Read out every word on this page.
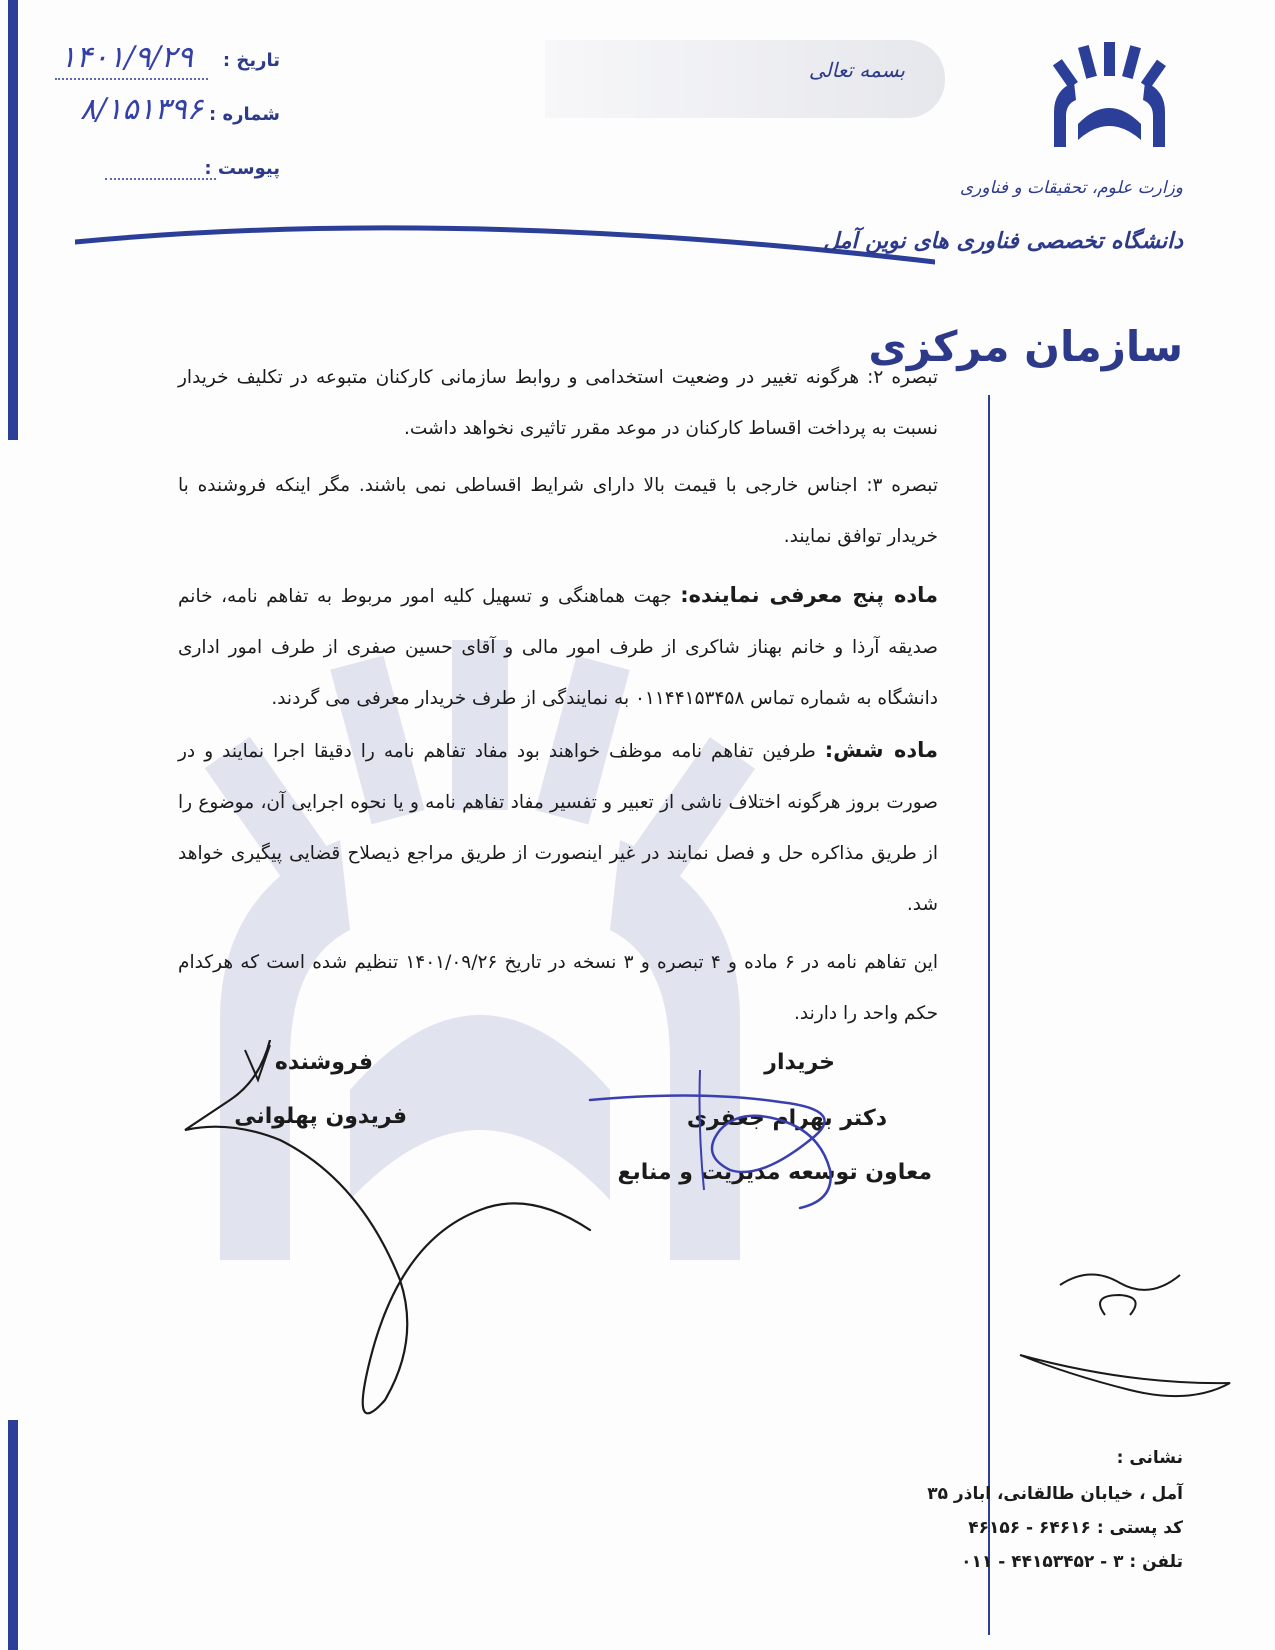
بسمه تعالی
تاریخ :
۱۴۰۱/۹/۲۹
شماره :
۸/۱۵۱۳۹۶
پیوست :
وزارت علوم، تحقیقات و فناوری
دانشگاه تخصصی فناوری های نوین آمل
سازمان مرکزی

تبصره ۲: هرگونه تغییر در وضعیت استخدامی و روابط سازمانی کارکنان متبوعه در تکلیف خریدار نسبت به پرداخت اقساط کارکنان در موعد مقرر تاثیری نخواهد داشت.

تبصره ۳: اجناس خارجی با قیمت بالا دارای شرایط اقساطی نمی باشند. مگر اینکه فروشنده با خریدار توافق نمایند.

ماده پنج معرفی نماینده: جهت هماهنگی و تسهیل کلیه امور مربوط به تفاهم نامه، خانم صدیقه آرذا و خانم بهناز شاکری از طرف امور مالی و آقای حسین صفری از طرف امور اداری دانشگاه به شماره تماس ۰۱۱۴۴۱۵۳۴۵۸ به نمایندگی از طرف خریدار معرفی می گردند.

ماده شش: طرفین تفاهم نامه موظف خواهند بود مفاد تفاهم نامه را دقیقا اجرا نمایند و در صورت بروز هرگونه اختلاف ناشی از تعبیر و تفسیر مفاد تفاهم نامه و یا نحوه اجرایی آن، موضوع را از طریق مذاکره حل و فصل نمایند در غیر اینصورت از طریق مراجع ذیصلاح قضایی پیگیری خواهد شد.

این تفاهم نامه در ۶ ماده و ۴ تبصره و ۳ نسخه در تاریخ ۱۴۰۱/۰۹/۲۶ تنظیم شده است که هرکدام حکم واحد را دارند.

خریدار
دکتر بهرام جعفری
معاون توسعه مدیریت و منابع
فروشنده
فریدون پهلوانی
نشانی :
آمل ، خیابان طالقانی، اباذر ۳۵
کد پستی : ۶۴۶۱۶ - ۴۶۱۵۶
تلفن : ۳ - ۴۴۱۵۳۴۵۲ - ۰۱۱
